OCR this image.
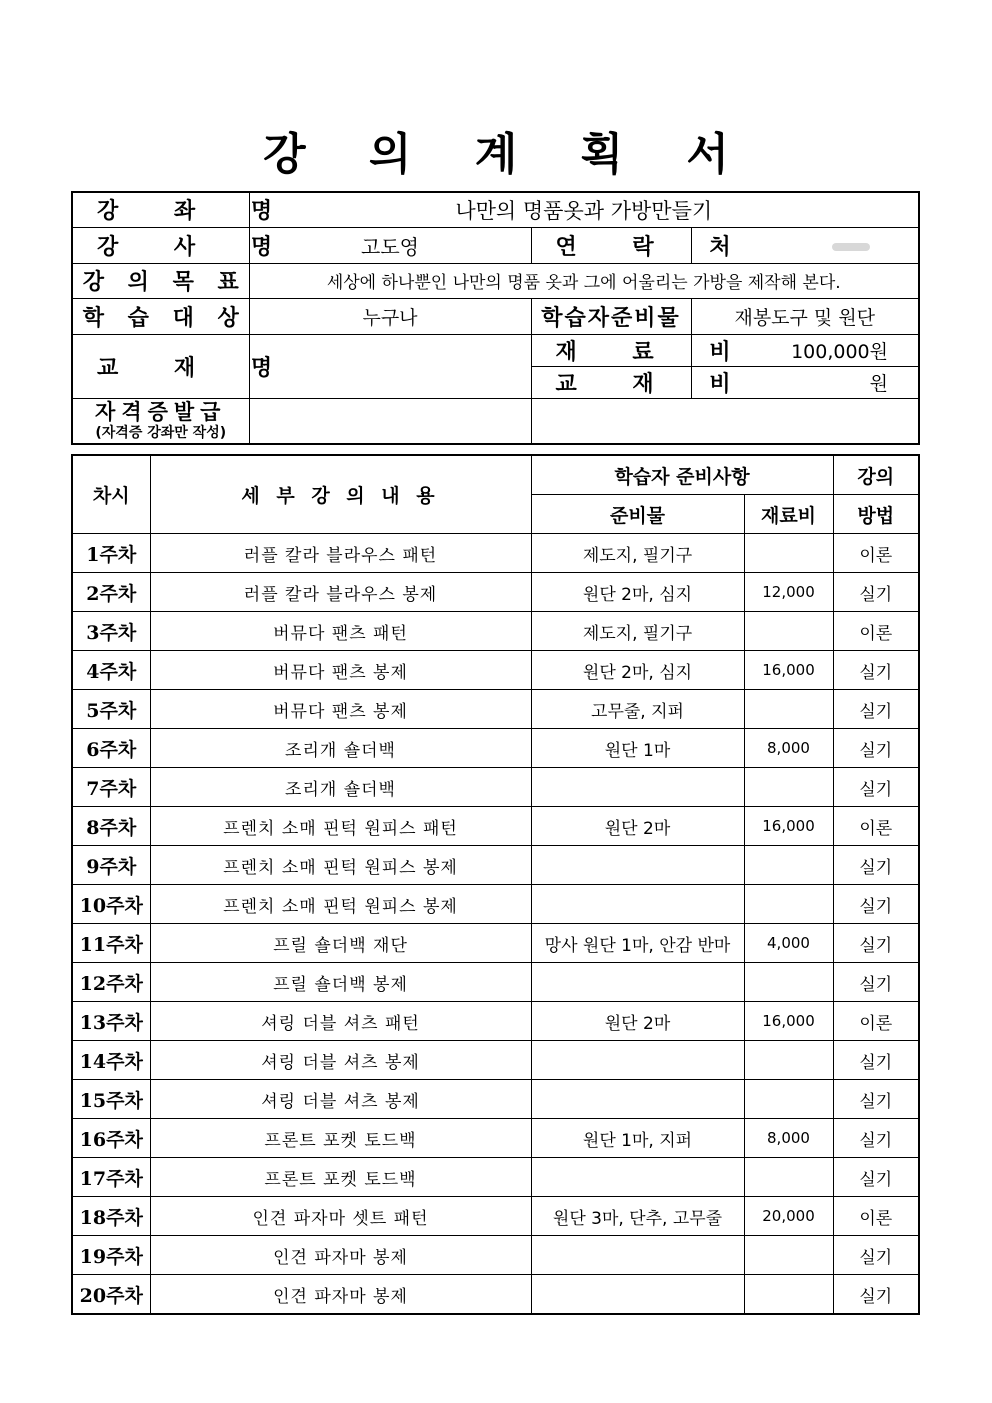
강 의 계 획 서
강 좌 명	나만의 명품옷과 가방만들기		
강 사 명	고도영	연 락 처	
강 의 목 표	세상에 하나뿐인 나만의 명품 옷과 그에 어울리는 가방을 제작해 본다.		
학 습 대 상	누구나	학습자준비물	재봉도구 및 원단
교 재 명		재 료 비	100,000원
		교 재 비	원

자격증발급
(자격증 강좌만 작성)			

차시	세 부 강 의 내 용	학습자 준비사항		강의
		준비물	재료비	방법
1주차	러플 칼라 블라우스 패턴	제도지, 필기구		이론
2주차	러플 칼라 블라우스 봉제	원단 2마, 심지	12,000	실기
3주차	버뮤다 팬츠 패턴	제도지, 필기구		이론
4주차	버뮤다 팬츠 봉제	원단 2마, 심지	16,000	실기
5주차	버뮤다 팬츠 봉제	고무줄, 지퍼		실기
6주차	조리개 숄더백	원단 1마	8,000	실기
7주차	조리개 숄더백			실기
8주차	프렌치 소매 핀턱 원피스 패턴	원단 2마	16,000	이론
9주차	프렌치 소매 핀턱 원피스 봉제			실기
10주차	프렌치 소매 핀턱 원피스 봉제			실기
11주차	프릴 숄더백 재단	망사 원단 1마, 안감 반마	4,000	실기
12주차	프릴 숄더백 봉제			실기
13주차	셔링 더블 셔츠 패턴	원단 2마	16,000	이론
14주차	셔링 더블 셔츠 봉제			실기
15주차	셔링 더블 셔츠 봉제			실기
16주차	프론트 포켓 토드백	원단 1마, 지퍼	8,000	실기
17주차	프론트 포켓 토드백			실기
18주차	인견 파자마 셋트 패턴	원단 3마, 단추, 고무줄	20,000	이론
19주차	인견 파자마 봉제			실기
20주차	인견 파자마 봉제			실기
